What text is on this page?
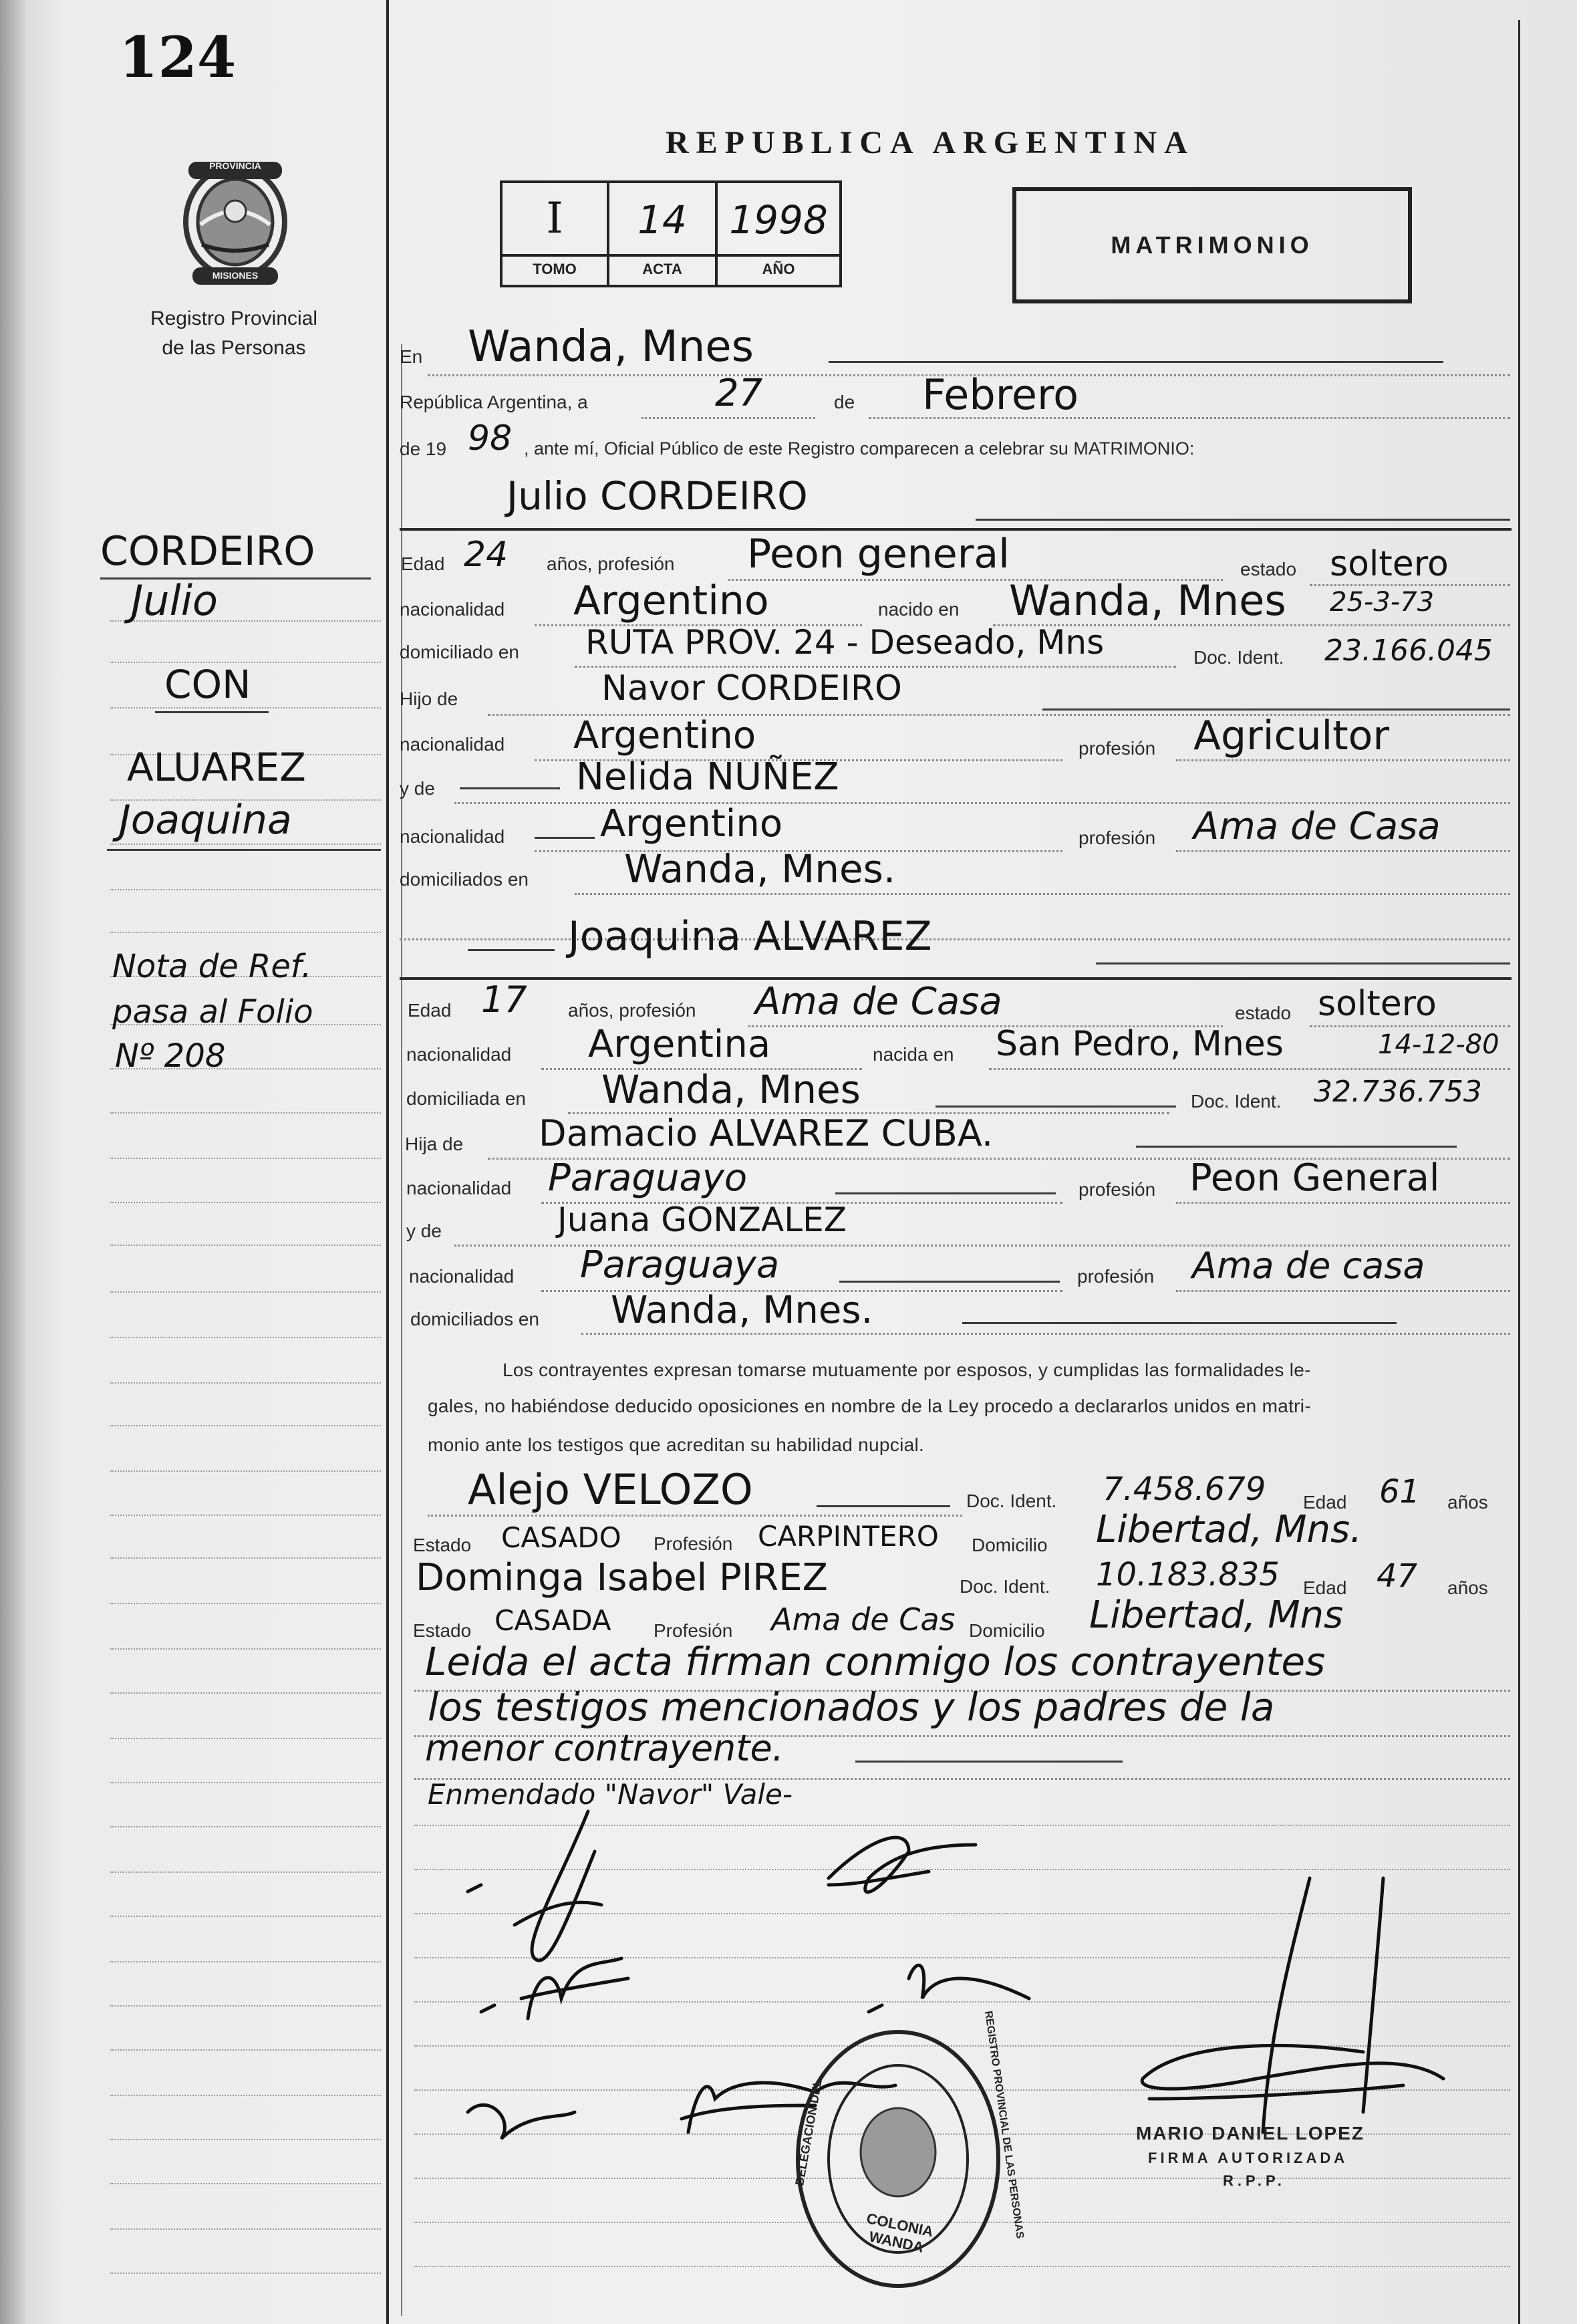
124
REPUBLICA ARGENTINA
I	14	1998
TOMO	ACTA	AÑO
MATRIMONIO
PROVINCIA
MISIONES
Registro Provincial
de las Personas
CORDEIRO
Julio
CON
ALUAREZ
Joaquina
Nota de Ref.
pasa al Folio
Nº 208
En Wanda, Mnes
República Argentina, a	27	de Febrero
de 19 98 , ante mí, Oficial Público de este Registro comparecen a celebrar su MATRIMONIO:
Julio CORDEIRO
Edad 24 años, profesión Peon general	estado soltero
nacionalidad Argentino	nacido en Wanda, Mnes 25-3-73
domiciliado en RUTA PROV. 24 - Deseado, Mns	Doc. Ident. 23.166.045
Hijo de	Navor CORDEIRO
nacionalidad Argentino	profesión Agricultor
y de	Nelida NUÑEZ
nacionalidad	Argentino	profesión Ama de Casa
domiciliados en Wanda, Mnes.
Joaquina ALVAREZ
Edad 17 años, profesión Ama de Casa	estado soltero
nacionalidad Argentina	nacida en San Pedro, Mnes	14-12-80
domiciliada en Wanda, Mnes	Doc. Ident. 32.736.753
Hija de Damacio ALVAREZ CUBA.
nacionalidad Paraguayo	profesión Peon General
y de	Juana GONZALEZ
nacionalidad Paraguaya	profesión Ama de casa
domiciliados en Wanda, Mnes.
Los contrayentes expresan tomarse mutuamente por esposos, y cumplidas las formalidades le-
gales, no habiéndose deducido oposiciones en nombre de la Ley procedo a declararlos unidos en matri-
monio ante los testigos que acreditan su habilidad nupcial.
Alejo VELOZO	Doc. Ident. 7.458.679 Edad 61 años
Estado CASADO Profesión CARPINTERO Domicilio Libertad, Mns.
Dominga Isabel PIREZ	Doc. Ident. 10.183.835 Edad 47 años
Estado CASADA Profesión Ama de Cas Domicilio Libertad, Mns
Leida el acta firman conmigo los contrayentes
los testigos mencionados y los padres de la
menor contrayente.
Enmendado "Navor" Vale-
COLONIA WANDA
DELEGACION DEL	REGISTRO PROVINCIAL DE LAS PERSONAS	MARIO DANIEL LOPEZ
FIRMA AUTORIZADA
R.P.P.
